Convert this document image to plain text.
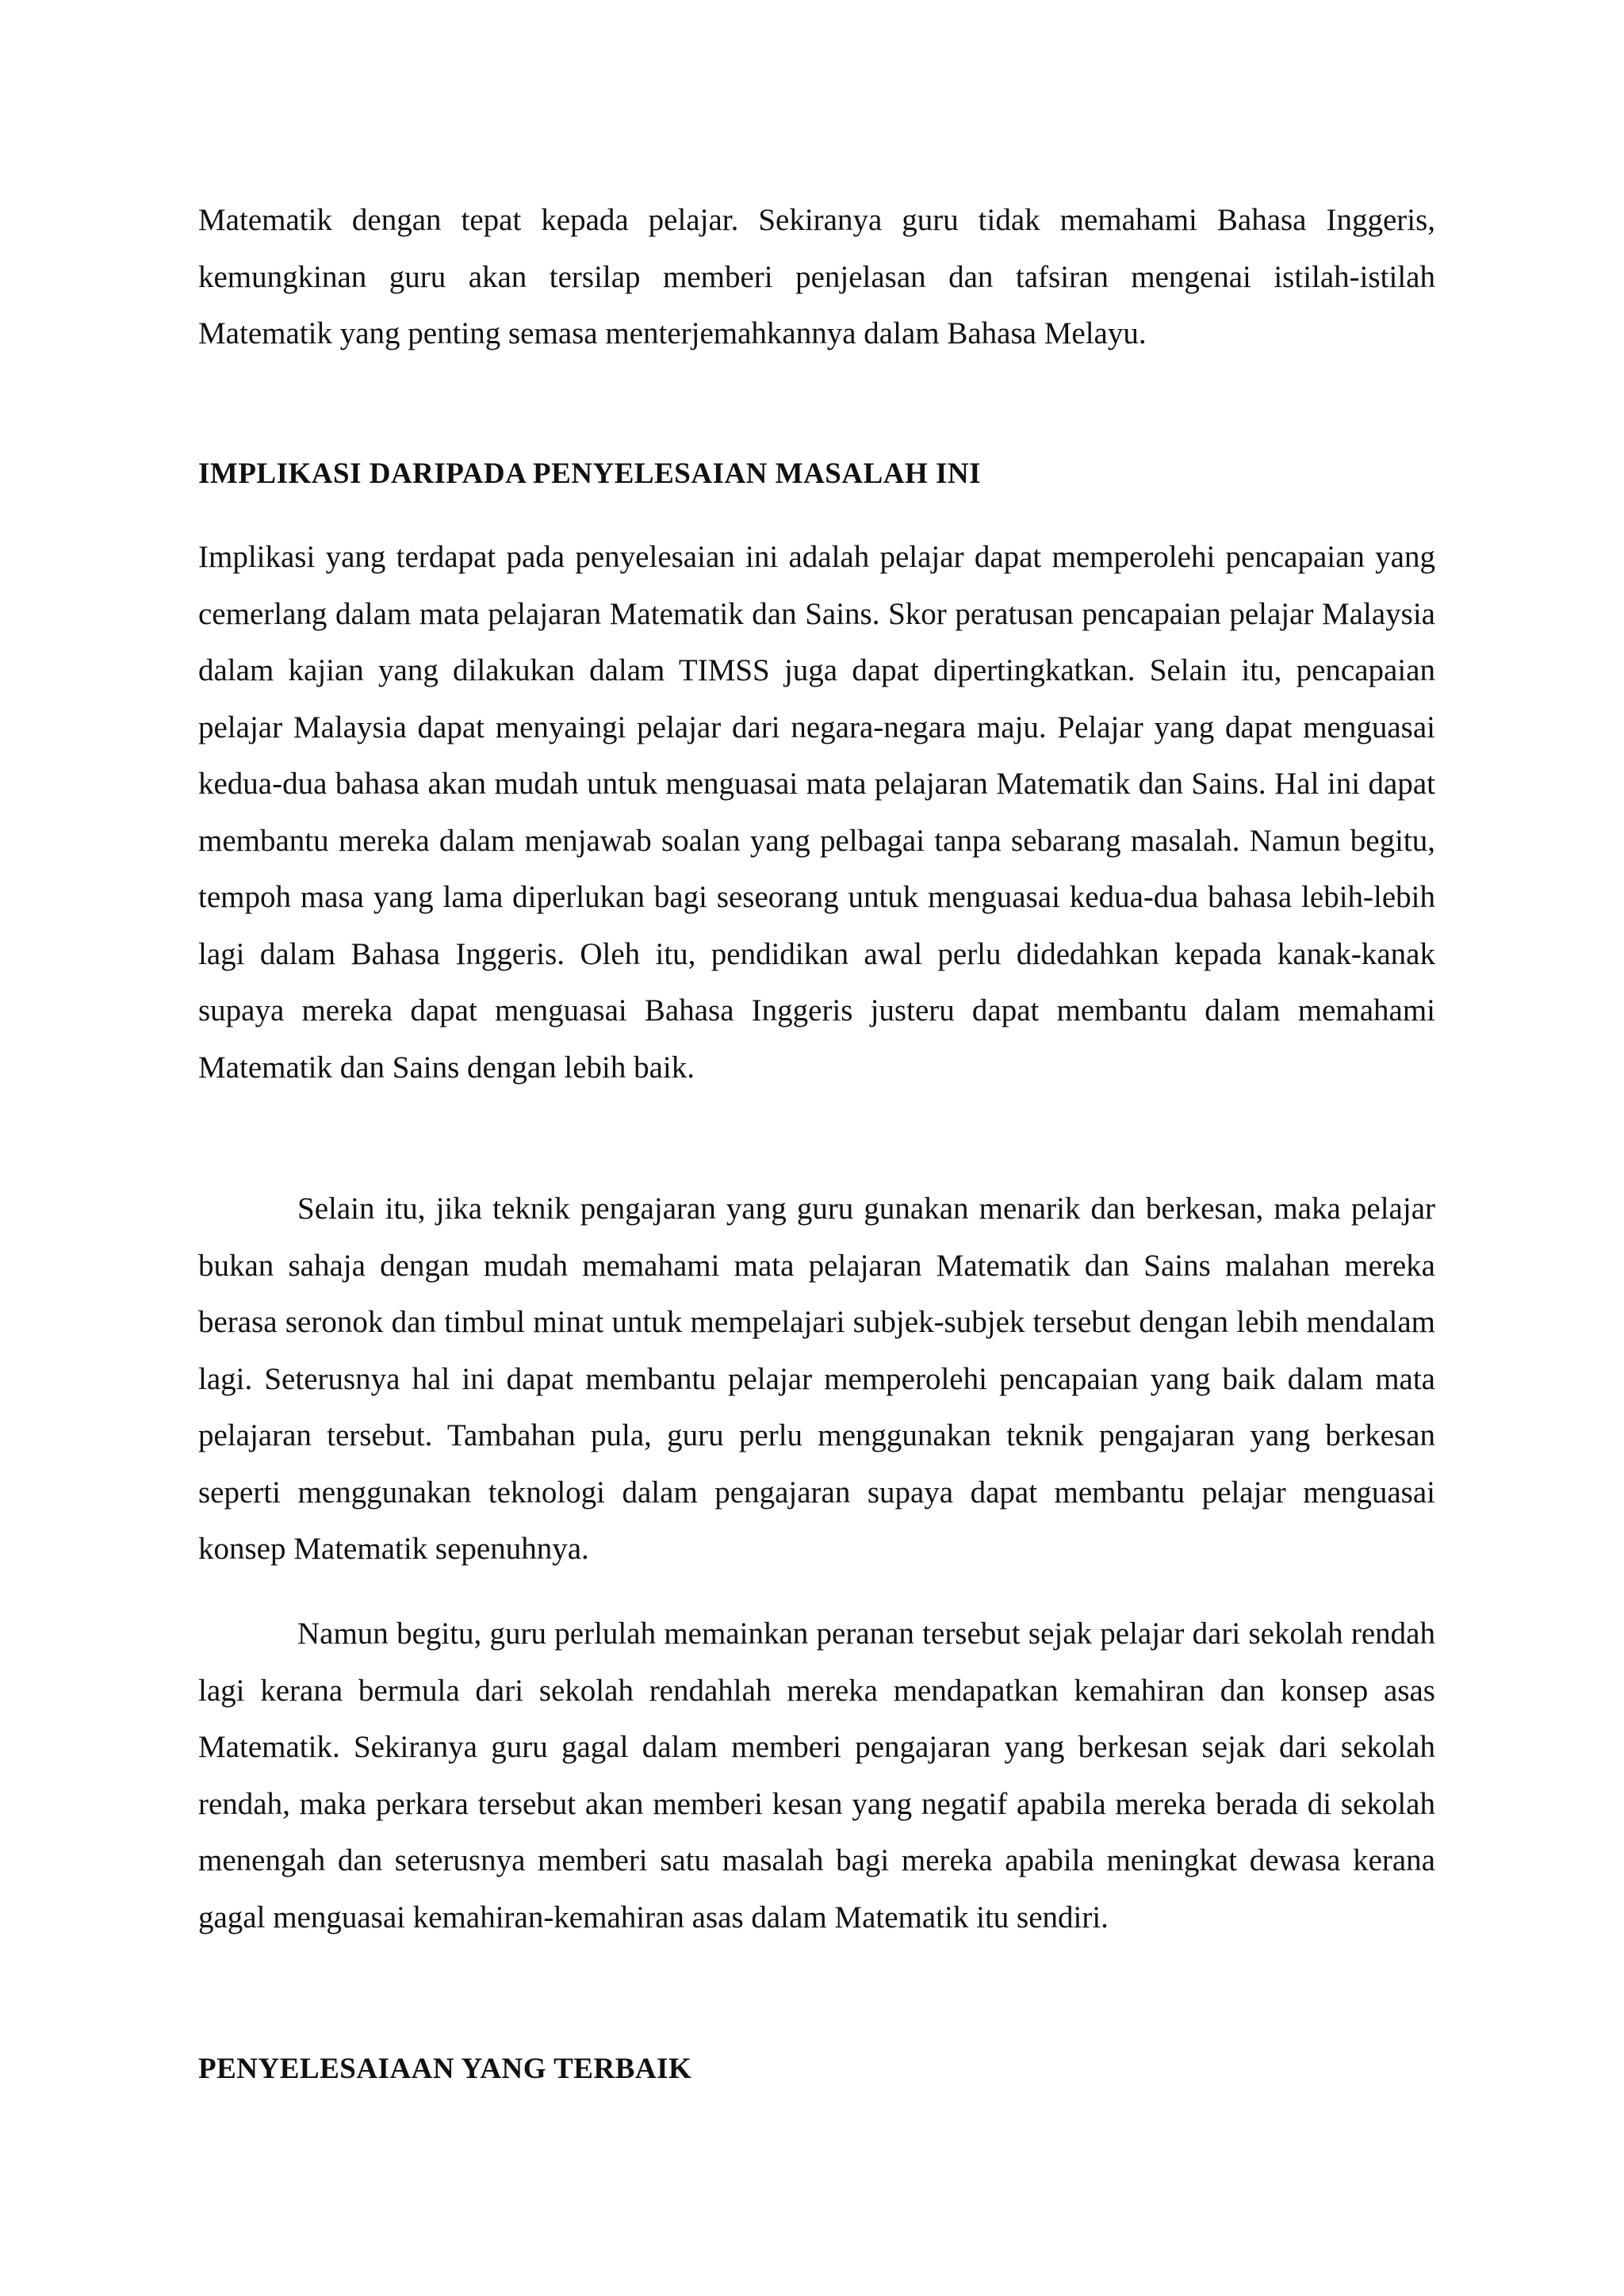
Matematik dengan tepat kepada pelajar. Sekiranya guru tidak memahami Bahasa Inggeris, kemungkinan guru akan tersilap memberi penjelasan dan tafsiran mengenai istilah-istilah Matematik yang penting semasa menterjemahkannya dalam Bahasa Melayu.

IMPLIKASI DARIPADA PENYELESAIAN MASALAH INI

Implikasi yang terdapat pada penyelesaian ini adalah pelajar dapat memperolehi pencapaian yang cemerlang dalam mata pelajaran Matematik dan Sains. Skor peratusan pencapaian pelajar Malaysia dalam kajian yang dilakukan dalam TIMSS juga dapat dipertingkatkan. Selain itu, pencapaian pelajar Malaysia dapat menyaingi pelajar dari negara-negara maju. Pelajar yang dapat menguasai kedua-dua bahasa akan mudah untuk menguasai mata pelajaran Matematik dan Sains. Hal ini dapat membantu mereka dalam menjawab soalan yang pelbagai tanpa sebarang masalah. Namun begitu, tempoh masa yang lama diperlukan bagi seseorang untuk menguasai kedua-dua bahasa lebih-lebih lagi dalam Bahasa Inggeris. Oleh itu, pendidikan awal perlu didedahkan kepada kanak-kanak supaya mereka dapat menguasai Bahasa Inggeris justeru dapat membantu dalam memahami Matematik dan Sains dengan lebih baik.

Selain itu, jika teknik pengajaran yang guru gunakan menarik dan berkesan, maka pelajar bukan sahaja dengan mudah memahami mata pelajaran Matematik dan Sains malahan mereka berasa seronok dan timbul minat untuk mempelajari subjek-subjek tersebut dengan lebih mendalam lagi. Seterusnya hal ini dapat membantu pelajar memperolehi pencapaian yang baik dalam mata pelajaran tersebut. Tambahan pula, guru perlu menggunakan teknik pengajaran yang berkesan seperti menggunakan teknologi dalam pengajaran supaya dapat membantu pelajar menguasai konsep Matematik sepenuhnya.

Namun begitu, guru perlulah memainkan peranan tersebut sejak pelajar dari sekolah rendah lagi kerana bermula dari sekolah rendahlah mereka mendapatkan kemahiran dan konsep asas Matematik. Sekiranya guru gagal dalam memberi pengajaran yang berkesan sejak dari sekolah rendah, maka perkara tersebut akan memberi kesan yang negatif apabila mereka berada di sekolah menengah dan seterusnya memberi satu masalah bagi mereka apabila meningkat dewasa kerana gagal menguasai kemahiran-kemahiran asas dalam Matematik itu sendiri.

PENYELESAIAAN YANG TERBAIK
